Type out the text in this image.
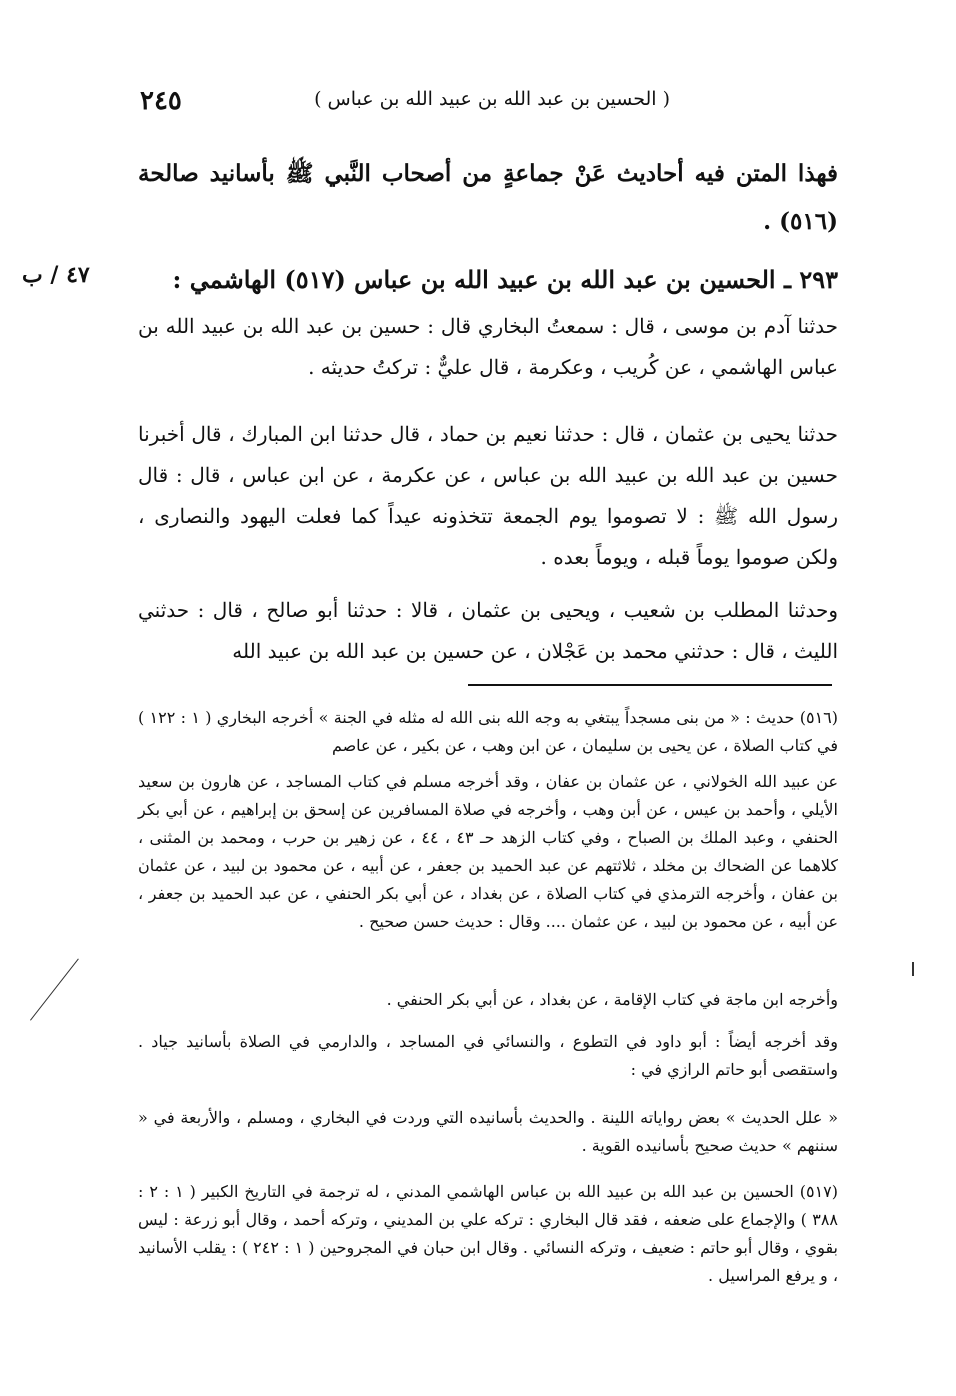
( الحسين بن عبد الله بن عبيد الله بن عباس )
٢٤٥
فهذا المتن فيه أحاديث عَنْ جماعةٍ من أصحاب النَّبي ﷺ بأسانيد صالحة (٥١٦) .
٤٧ / ب	٢٩٣ ـ الحسين بن عبد الله بن عبيد الله بن عباس (٥١٧) الهاشمي :
حدثنا آدم بن موسى ، قال : سمعتُ البخاري قال : حسين بن عبد الله بن عبيد الله بن عباس الهاشمي ، عن كُريب ، وعكرمة ، قال عليٌّ : تركتُ حديثه .
حدثنا يحيى بن عثمان ، قال : حدثنا نعيم بن حماد ، قال حدثنا ابن المبارك ، قال أخبرنا حسين بن عبد الله بن عبيد الله بن عباس ، عن عكرمة ، عن ابن عباس ، قال : قال رسول الله ﷺ : لا تصوموا يوم الجمعة تتخذونه عيداً كما فعلت اليهود والنصارى ، ولكن صوموا يوماً قبله ، ويوماً بعده .
وحدثنا المطلب بن شعيب ، ويحيى بن عثمان ، قالا : حدثنا أبو صالح ، قال : حدثني الليث ، قال : حدثني محمد بن عَجْلان ، عن حسين بن عبد الله بن عبيد الله
(٥١٦) حديث : « من بنى مسجداً يبتغي به وجه الله بنى الله له مثله في الجنة » أخرجه البخاري ( ١ : ١٢٢ ) في كتاب الصلاة ، عن يحيى بن سليمان ، عن ابن وهب ، عن بكير ، عن عاصم
عن عبيد الله الخولاني ، عن عثمان بن عفان ، وقد أخرجه مسلم في كتاب المساجد ، عن هارون بن سعيد الأيلي ، وأحمد بن عيس ، عن أبن وهب ، وأخرجه في صلاة المسافرين عن إسحق بن إبراهيم ، عن أبي بكر الحنفي ، وعبد الملك بن الصباح ، وفي كتاب الزهد حـ ٤٣ ، ٤٤ ، عن زهير بن حرب ، ومحمد بن المثنى ، كلاهما عن الضحاك بن مخلد ، ثلاثتهم عن عبد الحميد بن جعفر ، عن أبيه ، عن محمود بن لبيد ، عن عثمان بن عفان ، وأخرجه الترمذي في كتاب الصلاة ، عن بغداد ، عن أبي بكر الحنفي ، عن عبد الحميد بن جعفر ، عن أبيه ، عن محمود بن لبيد ، عن عثمان .... وقال : حديث حسن صحيح .
وأخرجه ابن ماجة في كتاب الإقامة ، عن بغداد ، عن أبي بكر الحنفي .
وقد أخرجه أيضاً : أبو داود في التطوع ، والنسائي في المساجد ، والدارمي في الصلاة بأسانيد جياد . واستقصى أبو حاتم الرازي في :
« علل الحديث » بعض رواياته اللينة . والحديث بأسانيده التي وردت في البخاري ، ومسلم ، والأربعة في « سننهم » حديث صحيح بأسانيده القوية .
(٥١٧) الحسين بن عبد الله بن عبيد الله بن عباس الهاشمي المدني ، له ترجمة في التاريخ الكبير ( ١ : ٢ : ٣٨٨ ) والإجماع على ضعفه ، فقد قال البخاري : تركه علي بن المديني ، وتركه أحمد ، وقال أبو زرعة : ليس بقوي ، وقال أبو حاتم : ضعيف ، وتركه النسائي . وقال ابن حبان في المجروحين ( ١ : ٢٤٢ ) : يقلب الأسانيد ، و يرفع المراسيل .
